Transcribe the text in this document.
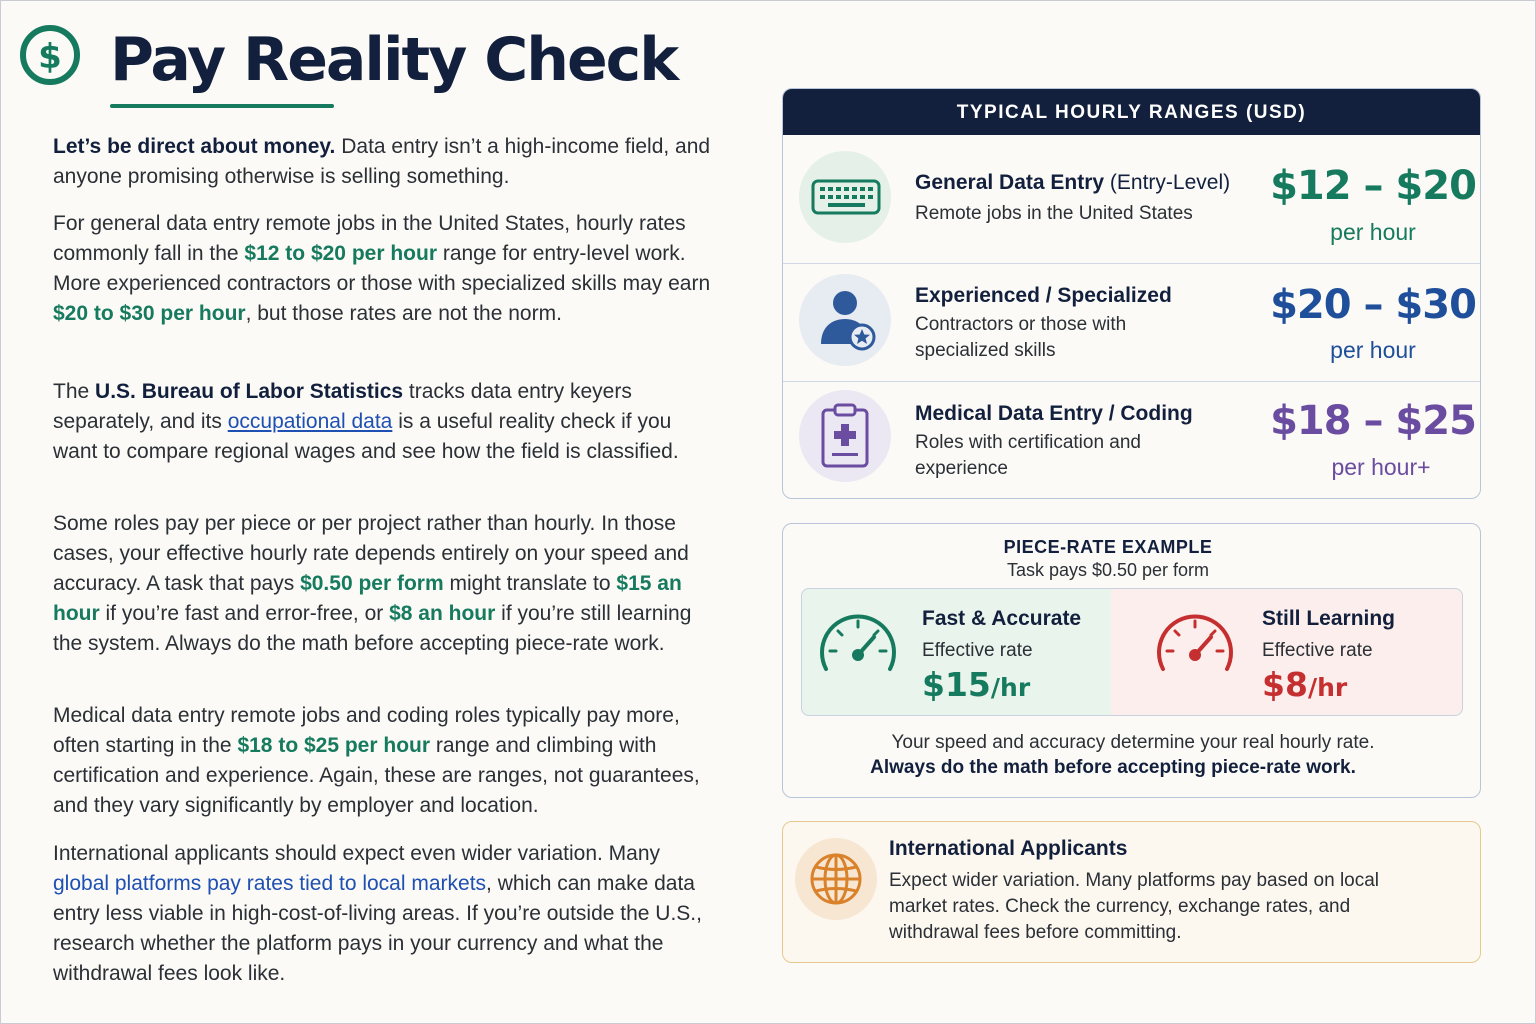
$ Pay Reality Check

Let’s be direct about money. Data entry isn’t a high-income field, and anyone promising otherwise is selling something.

For general data entry remote jobs in the United States, hourly rates commonly fall in the $12 to $20 per hour range for entry-level work. More experienced contractors or those with specialized skills may earn $20 to $30 per hour, but those rates are not the norm.

The U.S. Bureau of Labor Statistics tracks data entry keyers separately, and its occupational data is a useful reality check if you want to compare regional wages and see how the field is classified.

Some roles pay per piece or per project rather than hourly. In those cases, your effective hourly rate depends entirely on your speed and accuracy. A task that pays $0.50 per form might translate to $15 an hour if you’re fast and error-free, or $8 an hour if you’re still learning the system. Always do the math before accepting piece-rate work.

Medical data entry remote jobs and coding roles typically pay more, often starting in the $18 to $25 per hour range and climbing with certification and experience. Again, these are ranges, not guarantees, and they vary significantly by employer and location.

International applicants should expect even wider variation. Many global platforms pay rates tied to local markets, which can make data entry less viable in high-cost-of-living areas. If you’re outside the U.S., research whether the platform pays in your currency and what the withdrawal fees look like.

TYPICAL HOURLY RANGES (USD)
General Data Entry (Entry-Level)
Remote jobs in the United States
$12 – $20
per hour
Experienced / Specialized
Contractors or those with specialized skills
$20 – $30
per hour
Medical Data Entry / Coding
Roles with certification and experience
$18 – $25
per hour+
PIECE-RATE EXAMPLE
Task pays $0.50 per form
Fast & Accurate
Effective rate
$15/hr
Still Learning
Effective rate
$8/hr
Your speed and accuracy determine your real hourly rate.
Always do the math before accepting piece-rate work.
International Applicants
Expect wider variation. Many platforms pay based on local market rates. Check the currency, exchange rates, and withdrawal fees before committing.
